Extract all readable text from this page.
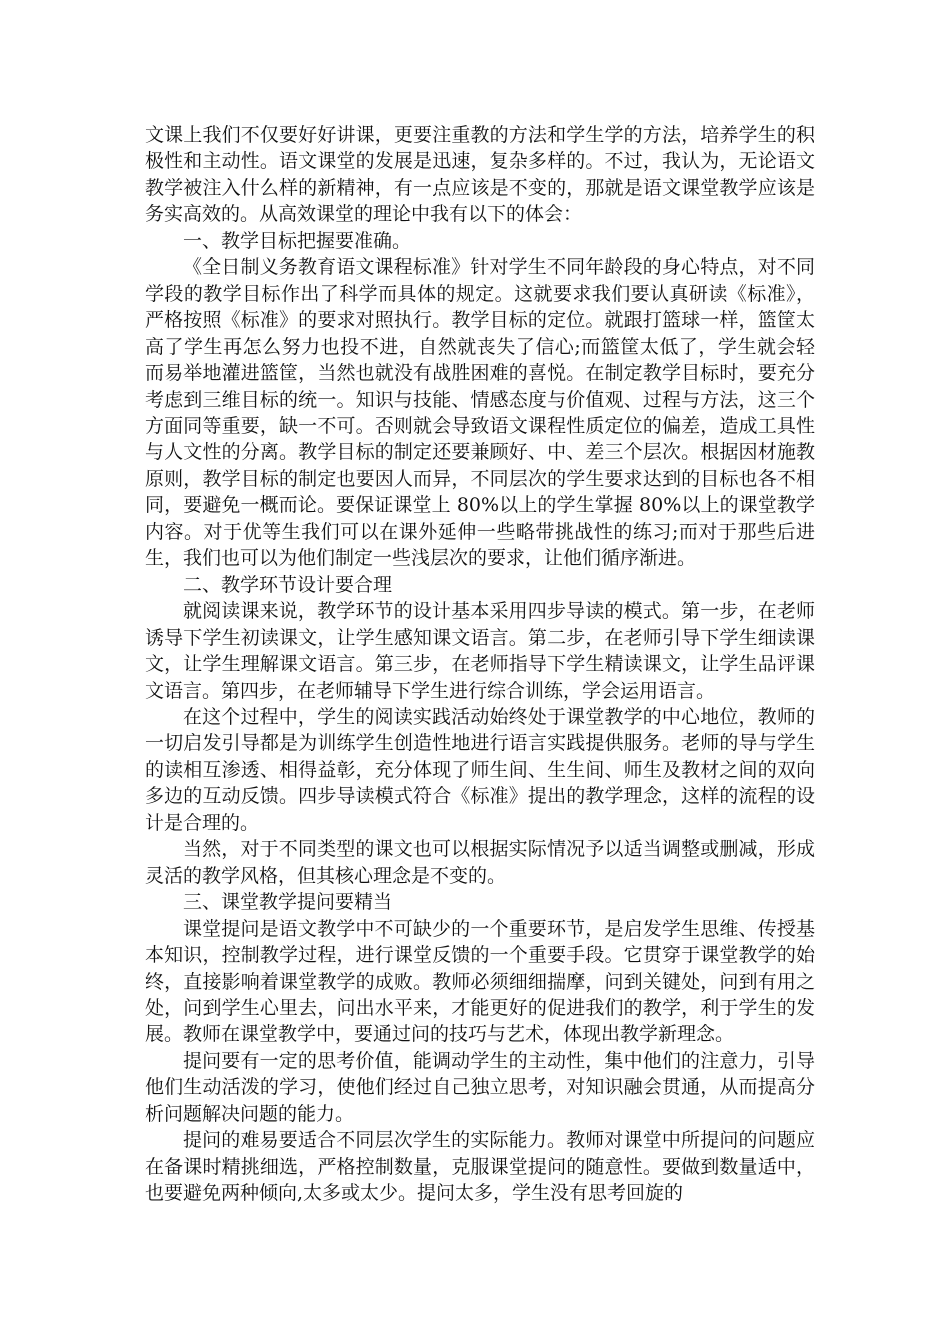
文课上我们不仅要好好讲课，更要注重教的方法和学生学的方法，培养学生的积极性和主动性。语文课堂的发展是迅速，复杂多样的。不过，我认为，无论语文教学被注入什么样的新精神，有一点应该是不变的，那就是语文课堂教学应该是务实高效的。从高效课堂的理论中我有以下的体会：

一、教学目标把握要准确。

《全日制义务教育语文课程标准》针对学生不同年龄段的身心特点，对不同学段的教学目标作出了科学而具体的规定。这就要求我们要认真研读《标准》，严格按照《标准》的要求对照执行。教学目标的定位。就跟打篮球一样，篮筐太高了学生再怎么努力也投不进，自然就丧失了信心;而篮筐太低了，学生就会轻而易举地灌进篮筐，当然也就没有战胜困难的喜悦。在制定教学目标时，要充分考虑到三维目标的统一。知识与技能、情感态度与价值观、过程与方法，这三个方面同等重要，缺一不可。否则就会导致语文课程性质定位的偏差，造成工具性与人文性的分离。教学目标的制定还要兼顾好、中、差三个层次。根据因材施教原则，教学目标的制定也要因人而异，不同层次的学生要求达到的目标也各不相同，要避免一概而论。要保证课堂上 80%以上的学生掌握 80%以上的课堂教学内容。对于优等生我们可以在课外延伸一些略带挑战性的练习;而对于那些后进生，我们也可以为他们制定一些浅层次的要求，让他们循序渐进。

二、教学环节设计要合理

就阅读课来说，教学环节的设计基本采用四步导读的模式。第一步，在老师诱导下学生初读课文，让学生感知课文语言。第二步，在老师引导下学生细读课文，让学生理解课文语言。第三步，在老师指导下学生精读课文，让学生品评课文语言。第四步，在老师辅导下学生进行综合训练，学会运用语言。

在这个过程中，学生的阅读实践活动始终处于课堂教学的中心地位，教师的一切启发引导都是为训练学生创造性地进行语言实践提供服务。老师的导与学生的读相互渗透、相得益彰，充分体现了师生间、生生间、师生及教材之间的双向多边的互动反馈。四步导读模式符合《标准》提出的教学理念，这样的流程的设计是合理的。

当然，对于不同类型的课文也可以根据实际情况予以适当调整或删减，形成灵活的教学风格，但其核心理念是不变的。

三、课堂教学提问要精当

课堂提问是语文教学中不可缺少的一个重要环节，是启发学生思维、传授基本知识，控制教学过程，进行课堂反馈的一个重要手段。它贯穿于课堂教学的始终，直接影响着课堂教学的成败。教师必须细细揣摩，问到关键处，问到有用之处，问到学生心里去，问出水平来，才能更好的促进我们的教学，利于学生的发展。教师在课堂教学中，要通过问的技巧与艺术，体现出教学新理念。

提问要有一定的思考价值，能调动学生的主动性，集中他们的注意力，引导他们生动活泼的学习，使他们经过自己独立思考，对知识融会贯通，从而提高分析问题解决问题的能力。

提问的难易要适合不同层次学生的实际能力。教师对课堂中所提问的问题应在备课时精挑细选，严格控制数量，克服课堂提问的随意性。要做到数量适中，也要避免两种倾向,太多或太少。提问太多，学生没有思考回旋的
